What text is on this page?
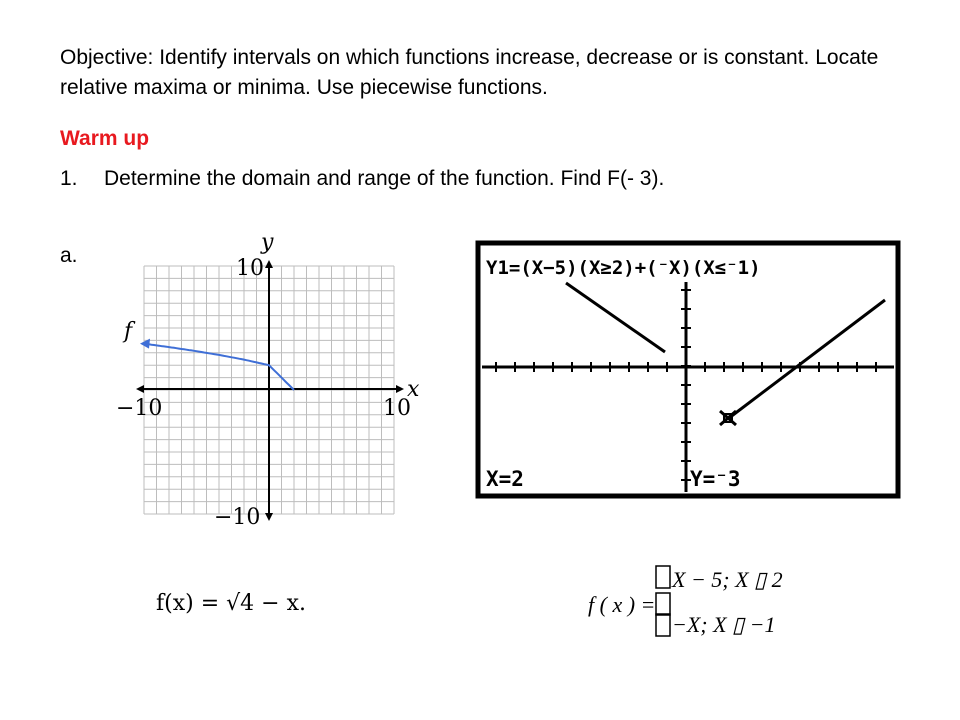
Objective: Identify intervals on which functions increase, decrease or is constant. Locate relative maxima or minima. Use piecewise functions.
Warm up
1. Determine the domain and range of the function. Find F(- 3).
a.
y
x
10
−10
−10	10
f
f(x) = √4 − x.
Y1=(X−5)(X≥2)+(⁻X)(X≤⁻1)
X=2	Y=⁻3
f ( x ) =
X − 5; X ▯ 2
−X; X ▯ −1
